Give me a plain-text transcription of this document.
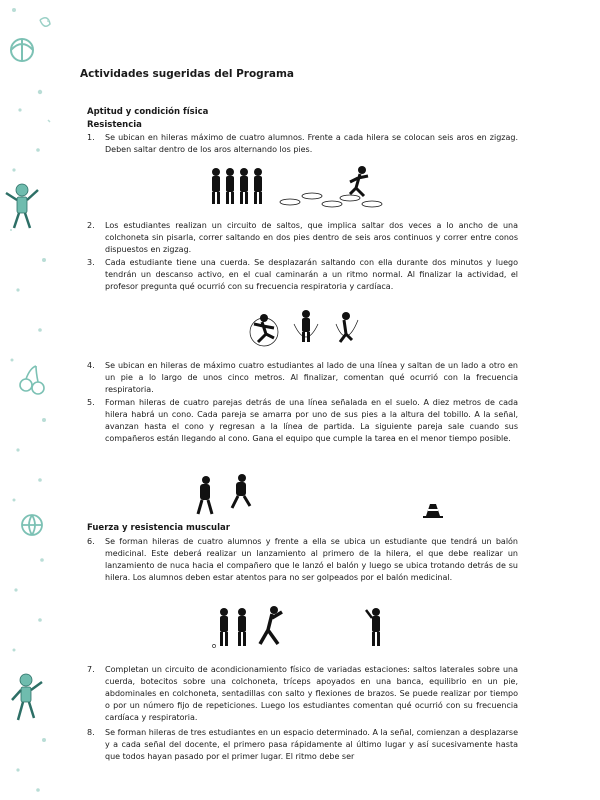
Actividades sugeridas del Programa
Aptitud y condición física
Resistencia
1.	Se ubican en hileras máximo de cuatro alumnos. Frente a cada hilera se colocan seis aros en zigzag. Deben saltar dentro de los aros alternando los pies.
2.	Los estudiantes realizan un circuito de saltos, que implica saltar dos veces a lo ancho de una colchoneta sin pisarla, correr saltando en dos pies dentro de seis aros continuos y correr entre conos dispuestos en zigzag.
3.	Cada estudiante tiene una cuerda. Se desplazarán saltando con ella durante dos minutos y luego tendrán un descanso activo, en el cual caminarán a un ritmo normal. Al finalizar la actividad, el profesor pregunta qué ocurrió con su frecuencia respiratoria y cardíaca.
4.	Se ubican en hileras de máximo cuatro estudiantes al lado de una línea y saltan de un lado a otro en un pie a lo largo de unos cinco metros. Al finalizar, comentan qué ocurrió con la frecuencia respiratoria.
5.	Forman hileras de cuatro parejas detrás de una línea señalada en el suelo. A diez metros de cada hilera habrá un cono. Cada pareja se amarra por uno de sus pies a la altura del tobillo. A la señal, avanzan hasta el cono y regresan a la línea de partida. La siguiente pareja sale cuando sus compañeros están llegando al cono. Gana el equipo que cumple la tarea en el menor tiempo posible.
Fuerza y resistencia muscular
6.	Se forman hileras de cuatro alumnos y frente a ella se ubica un estudiante que tendrá un balón medicinal. Este deberá realizar un lanzamiento al primero de la hilera, el que debe realizar un lanzamiento de nuca hacia el compañero que le lanzó el balón y luego se ubica trotando detrás de su hilera. Los alumnos deben estar atentos para no ser golpeados por el balón medicinal.
7.	Completan un circuito de acondicionamiento físico de variadas estaciones: saltos laterales sobre una cuerda, botecitos sobre una colchoneta, tríceps apoyados en una banca, equilibrio en un pie, abdominales en colchoneta, sentadillas con salto y flexiones de brazos. Se puede realizar por tiempo o por un número fijo de repeticiones. Luego los estudiantes comentan qué ocurrió con su frecuencia cardíaca y respiratoria.
8.	Se forman hileras de tres estudiantes en un espacio determinado. A la señal, comienzan a desplazarse y a cada señal del docente, el primero pasa rápidamente al último lugar y así sucesivamente hasta que todos hayan pasado por el primer lugar. El ritmo debe ser
